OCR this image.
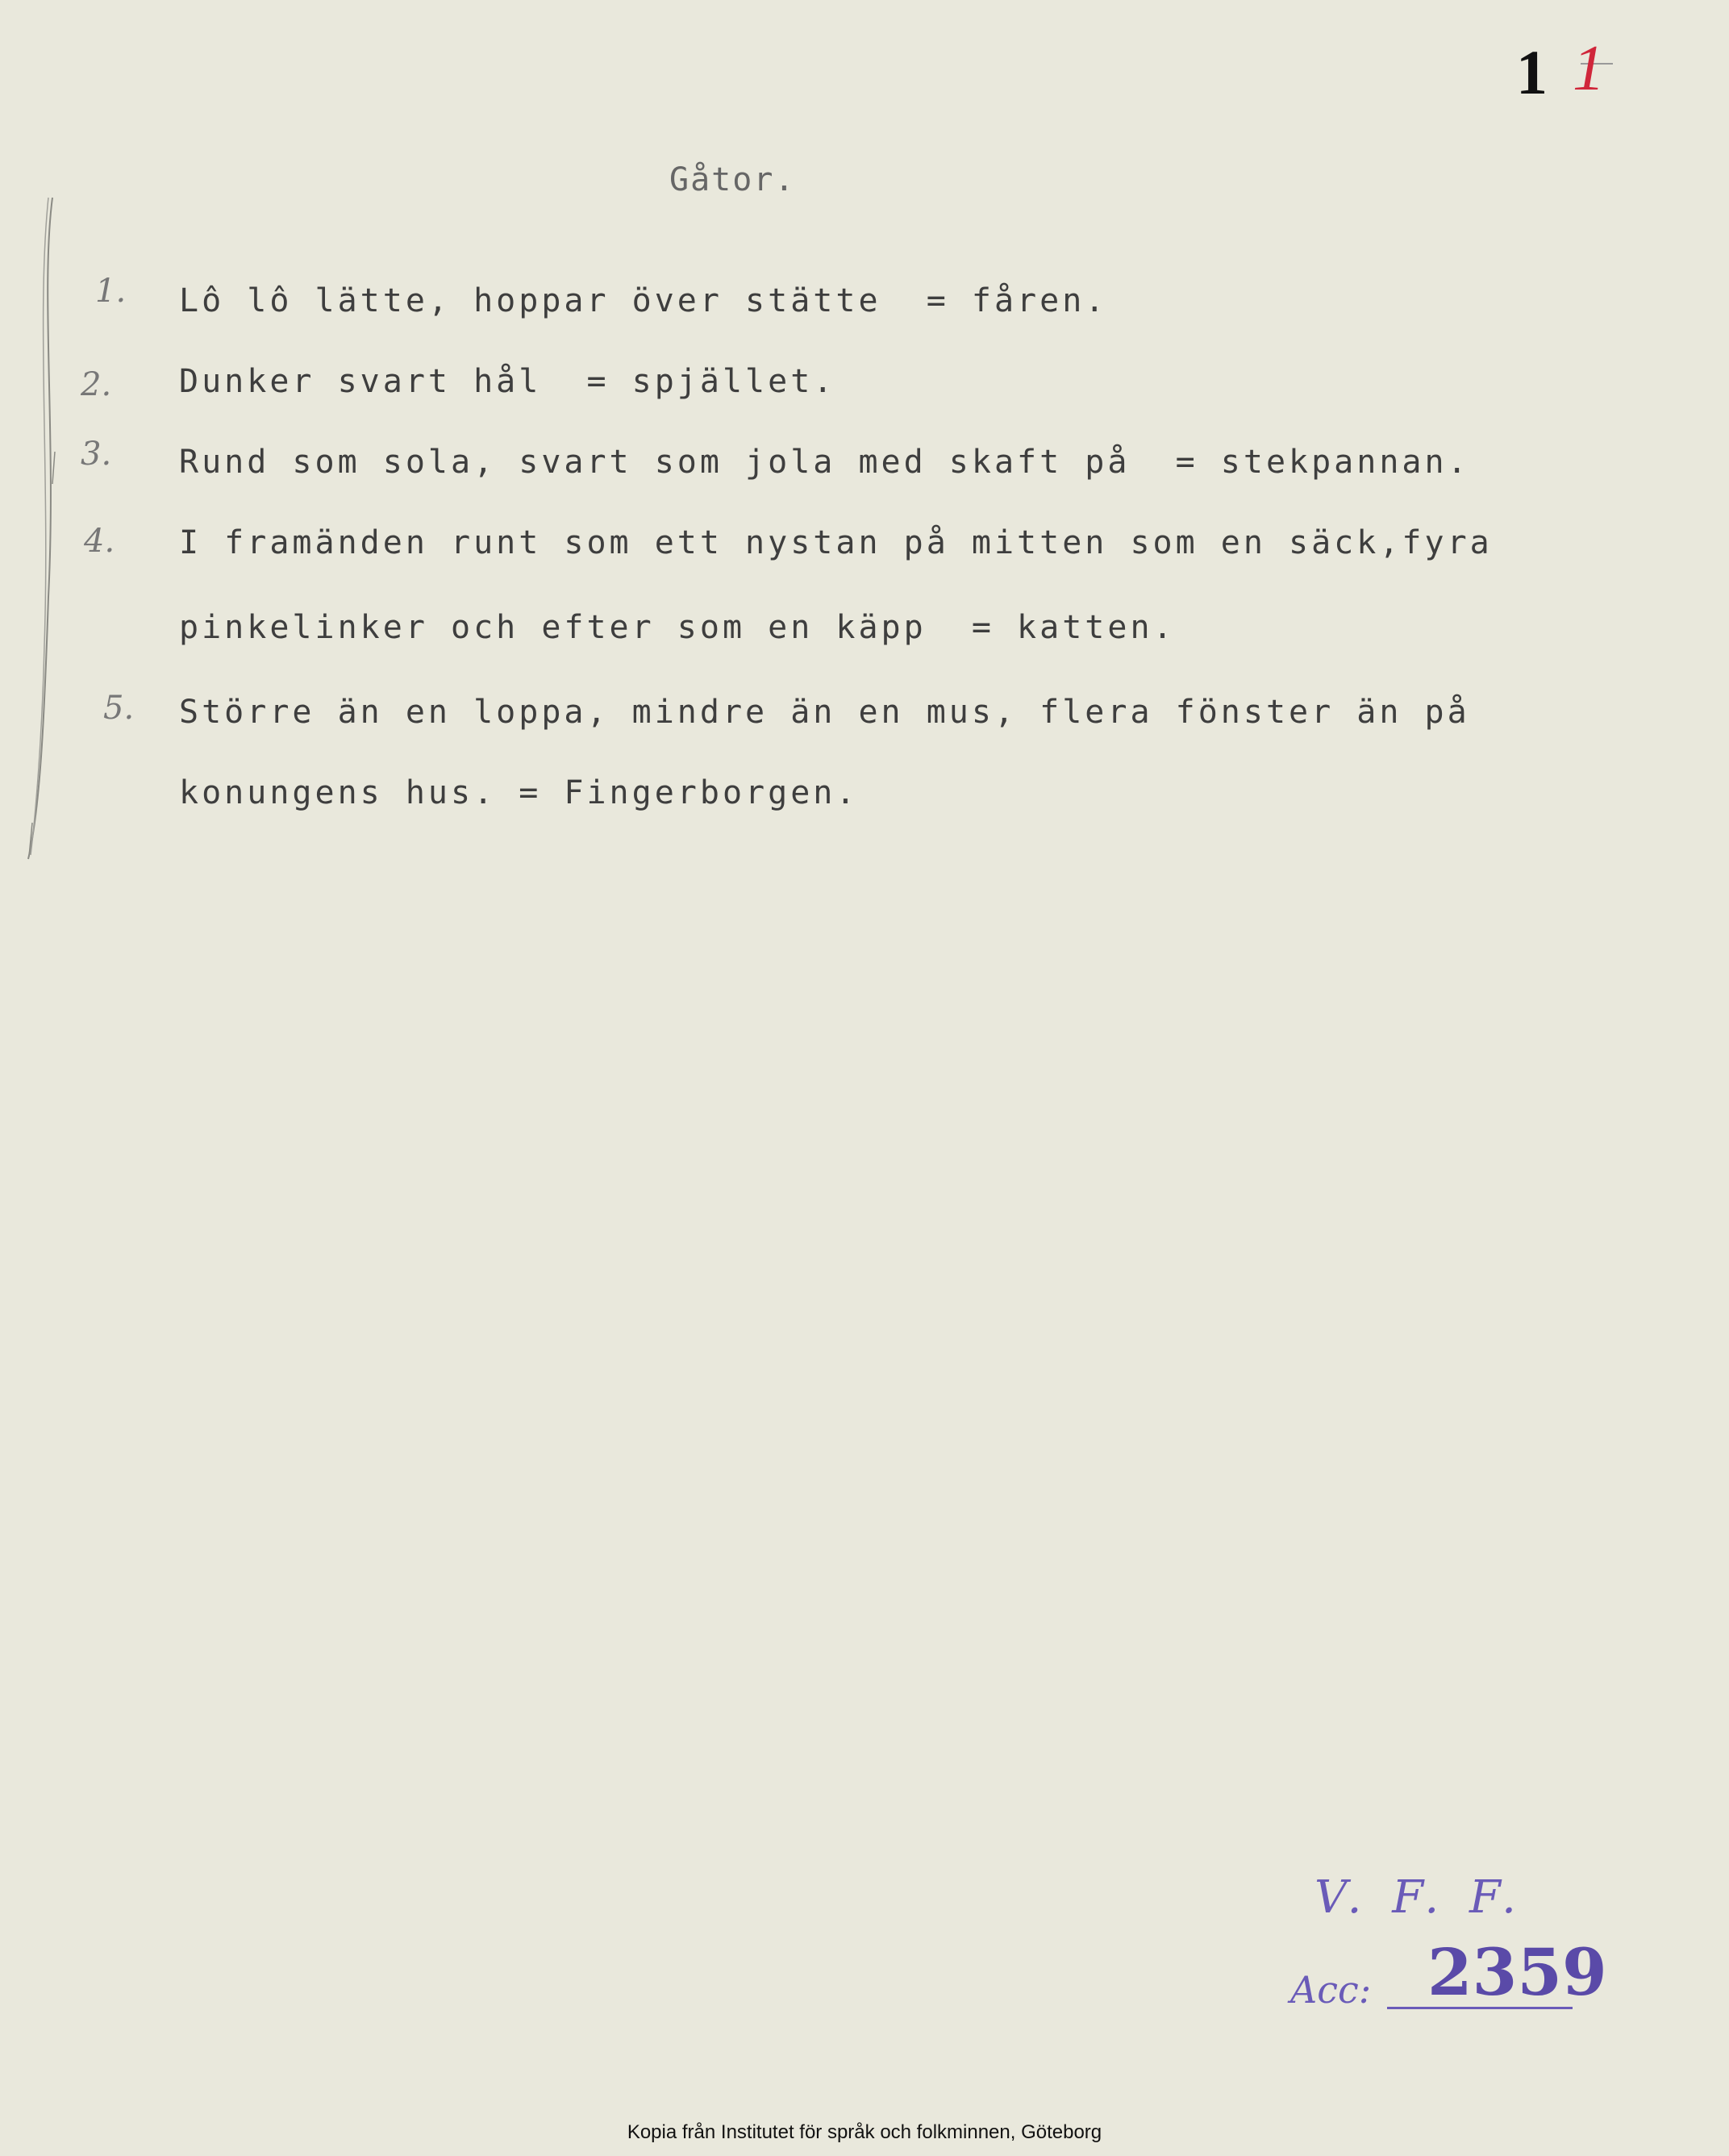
1 1
Gåtor.
1. Lô lô lätte, hoppar över stätte  = fåren.
2. Dunker svart hål  = spjället.
3. Rund som sola, svart som jola med skaft på  = stekpannan.
4. I framänden runt som ett nystan på mitten som en säck,fyra
pinkelinker och efter som en käpp  = katten.
5. Större än en loppa, mindre än en mus, flera fönster än på
konungens hus. = Fingerborgen.
V. F. F.
Acc: 2359
Kopia från Institutet för språk och folkminnen, Göteborg
